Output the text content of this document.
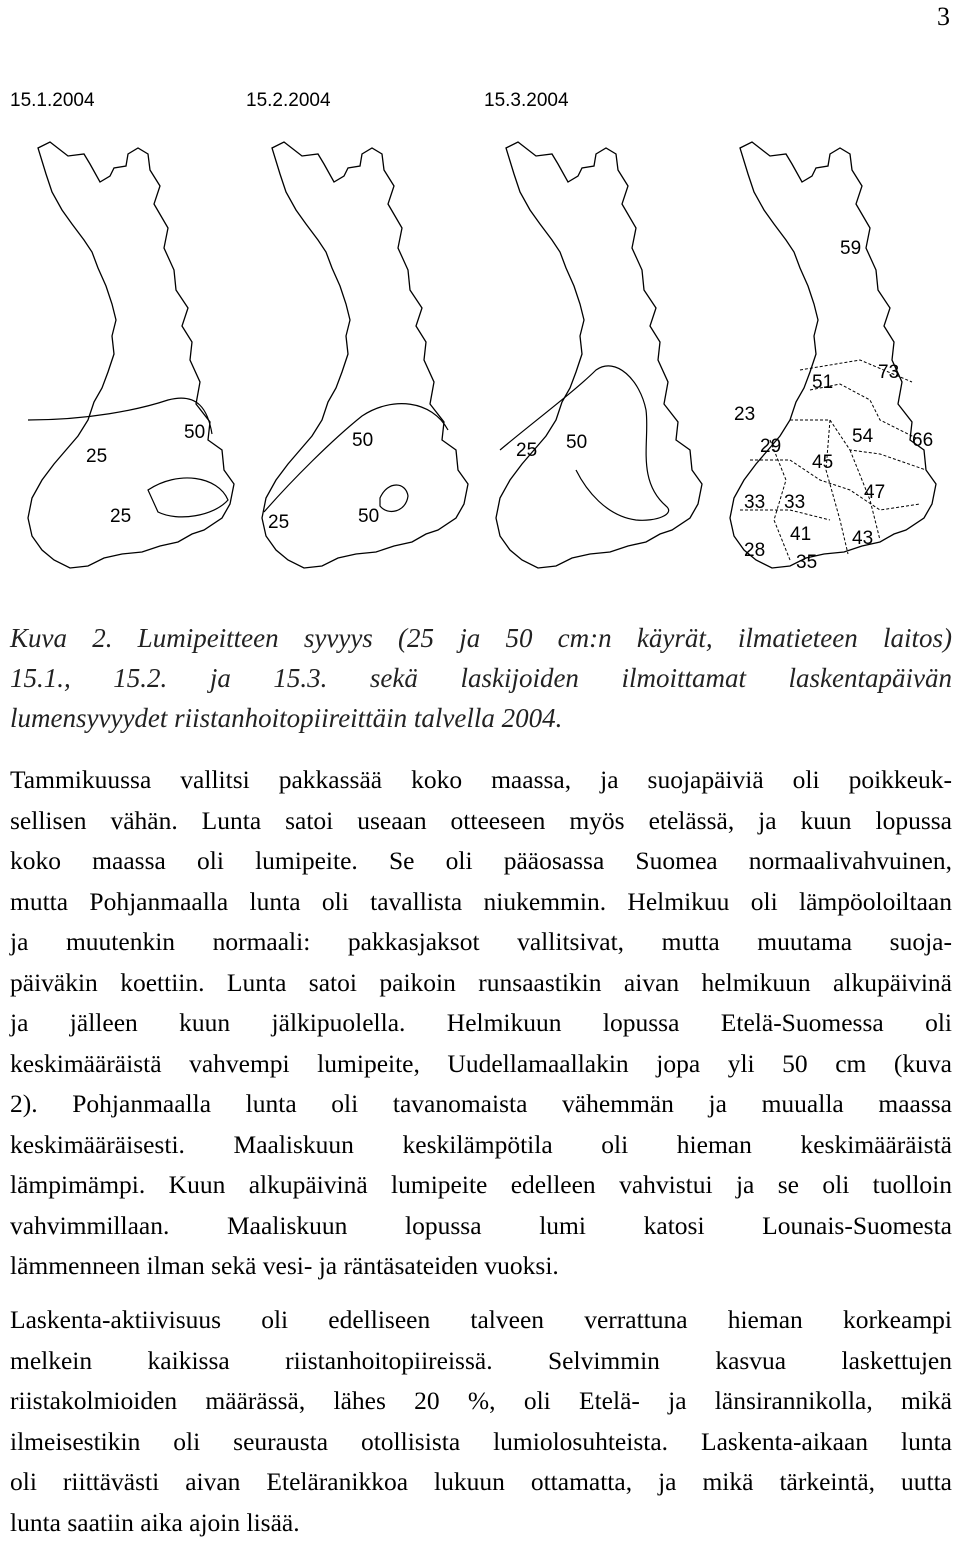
3
15.1.2004	15.2.2004	15.3.2004
50
25
25
50
25	50
25 50
59
51 73
23
29	54 66
45
47
33 33
41 43
28
35

Kuva 2. Lumipeitteen syvyys (25 ja 50 cm:n käyrät, ilmatieteen laitos)

15.1., 15.2. ja 15.3. sekä laskijoiden ilmoittamat laskentapäivän

lumensyvyydet riistanhoitopiireittäin talvella 2004.

Tammikuussa vallitsi pakkassää koko maassa, ja suojapäiviä oli poikkeuk-

sellisen vähän. Lunta satoi useaan otteeseen myös etelässä, ja kuun lopussa

koko maassa oli lumipeite. Se oli pääosassa Suomea normaalivahvuinen,

mutta Pohjanmaalla lunta oli tavallista niukemmin. Helmikuu oli lämpöoloiltaan

ja muutenkin normaali: pakkasjaksot vallitsivat, mutta muutama suoja-

päiväkin koettiin. Lunta satoi paikoin runsaastikin aivan helmikuun alkupäivinä

ja jälleen kuun jälkipuolella. Helmikuun lopussa Etelä-Suomessa oli

keskimääräistä vahvempi lumipeite, Uudellamaallakin jopa yli 50 cm (kuva

2). Pohjanmaalla lunta oli tavanomaista vähemmän ja muualla maassa

keskimääräisesti. Maaliskuun keskilämpötila oli hieman keskimääräistä

lämpimämpi. Kuun alkupäivinä lumipeite edelleen vahvistui ja se oli tuolloin

vahvimmillaan. Maaliskuun lopussa lumi katosi Lounais-Suomesta

lämmenneen ilman sekä vesi- ja räntäsateiden vuoksi.

Laskenta-aktiivisuus oli edelliseen talveen verrattuna hieman korkeampi

melkein kaikissa riistanhoitopiireissä. Selvimmin kasvua laskettujen

riistakolmioiden määrässä, lähes 20 %, oli Etelä- ja länsirannikolla, mikä

ilmeisestikin oli seurausta otollisista lumiolosuhteista. Laskenta-aikaan lunta

oli riittävästi aivan Eteläranikkoa lukuun ottamatta, ja mikä tärkeintä, uutta

lunta saatiin aika ajoin lisää.
